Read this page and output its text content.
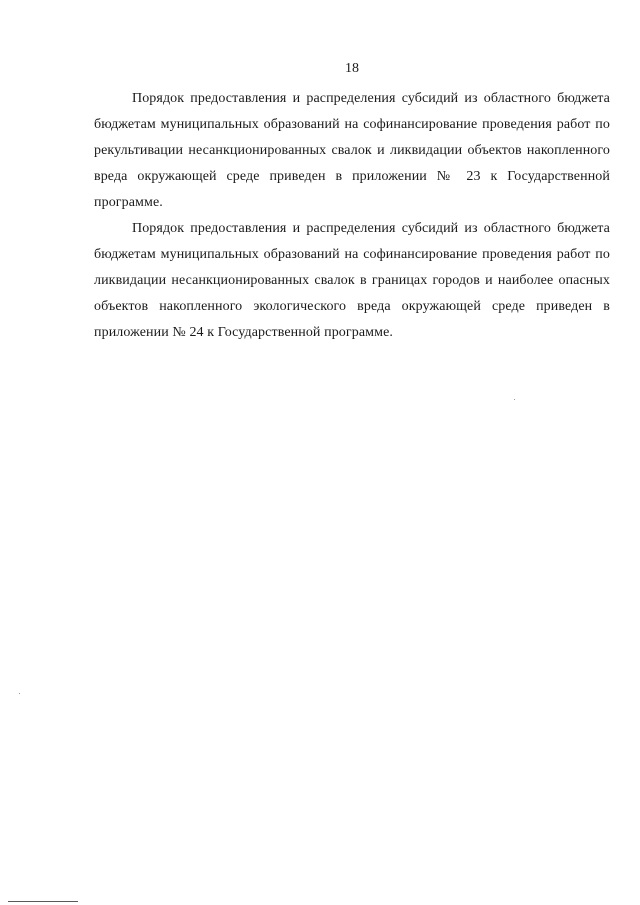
18

Порядок предоставления и распределения субсидий из областного бюджета бюджетам муниципальных образований на софинансирование проведения работ по рекультивации несанкционированных свалок и ликвидации объектов накопленного вреда окружающей среде приведен в приложении № 23 к Государственной программе.

Порядок предоставления и распределения субсидий из областного бюджета бюджетам муниципальных образований на софинансирование проведения работ по ликвидации несанкционированных свалок в границах городов и наиболее опасных объектов накопленного экологического вреда окружающей среде приведен в приложении № 24 к Государственной программе.
